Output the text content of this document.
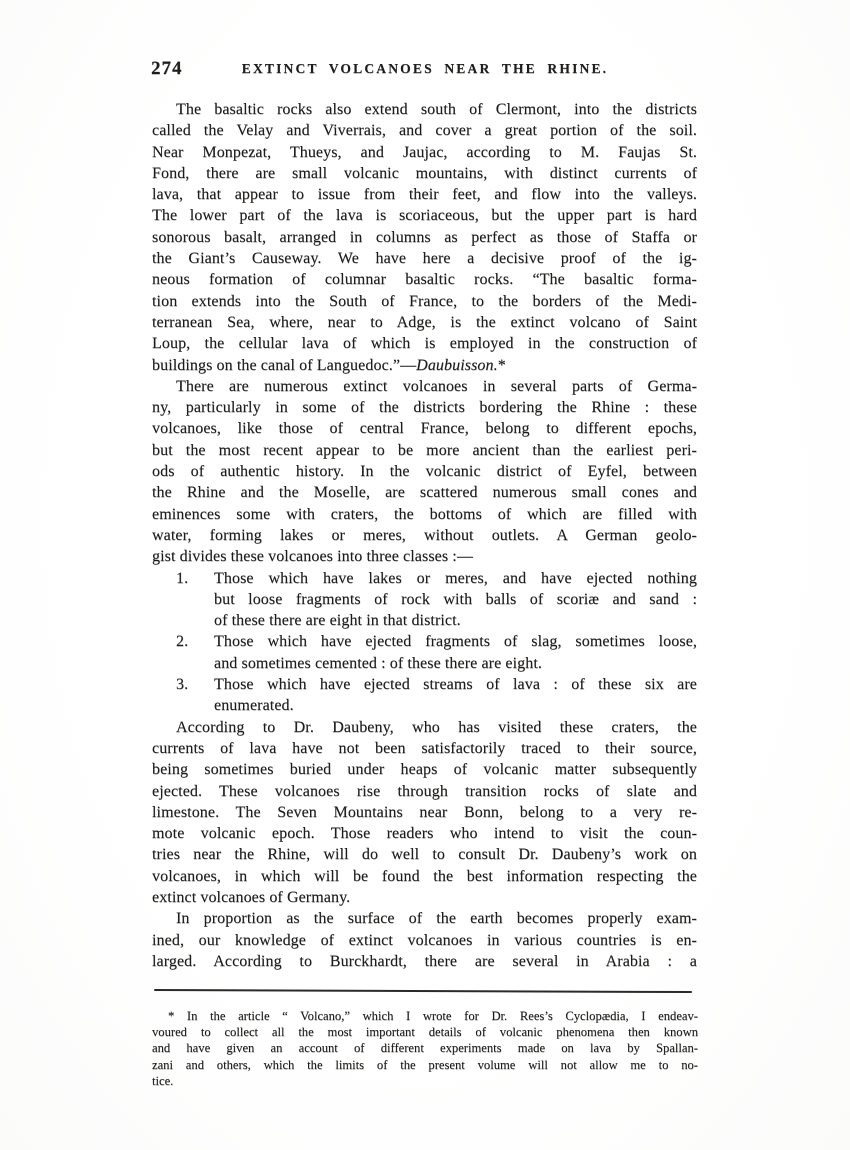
274	EXTINCT VOLCANOES NEAR THE RHINE.
The basaltic rocks also extend south of Clermont, into the districts
called the Velay and Viverrais, and cover a great portion of the soil.
Near Monpezat, Thueys, and Jaujac, according to M. Faujas St.
Fond, there are small volcanic mountains, with distinct currents of
lava, that appear to issue from their feet, and flow into the valleys.
The lower part of the lava is scoriaceous, but the upper part is hard
sonorous basalt, arranged in columns as perfect as those of Staffa or
the Giant’s Causeway. We have here a decisive proof of the ig-
neous formation of columnar basaltic rocks. “The basaltic forma-
tion extends into the South of France, to the borders of the Medi-
terranean Sea, where, near to Adge, is the extinct volcano of Saint
Loup, the cellular lava of which is employed in the construction of
buildings on the canal of Languedoc.”—Daubuisson.*
There are numerous extinct volcanoes in several parts of Germa-
ny, particularly in some of the districts bordering the Rhine : these
volcanoes, like those of central France, belong to different epochs,
but the most recent appear to be more ancient than the earliest peri-
ods of authentic history. In the volcanic district of Eyfel, between
the Rhine and the Moselle, are scattered numerous small cones and
eminences some with craters, the bottoms of which are filled with
water, forming lakes or meres, without outlets. A German geolo-
gist divides these volcanoes into three classes :—
1. Those which have lakes or meres, and have ejected nothing
but loose fragments of rock with balls of scoriæ and sand :
of these there are eight in that district.
2. Those which have ejected fragments of slag, sometimes loose,
and sometimes cemented : of these there are eight.
3. Those which have ejected streams of lava : of these six are
enumerated.
According to Dr. Daubeny, who has visited these craters, the
currents of lava have not been satisfactorily traced to their source,
being sometimes buried under heaps of volcanic matter subsequently
ejected. These volcanoes rise through transition rocks of slate and
limestone. The Seven Mountains near Bonn, belong to a very re-
mote volcanic epoch. Those readers who intend to visit the coun-
tries near the Rhine, will do well to consult Dr. Daubeny’s work on
volcanoes, in which will be found the best information respecting the
extinct volcanoes of Germany.
In proportion as the surface of the earth becomes properly exam-
ined, our knowledge of extinct volcanoes in various countries is en-
larged. According to Burckhardt, there are several in Arabia : a
* In the article “ Volcano,” which I wrote for Dr. Rees’s Cyclopædia, I endeav-
voured to collect all the most important details of volcanic phenomena then known
and have given an account of different experiments made on lava by Spallan-
zani and others, which the limits of the present volume will not allow me to no-
tice.
